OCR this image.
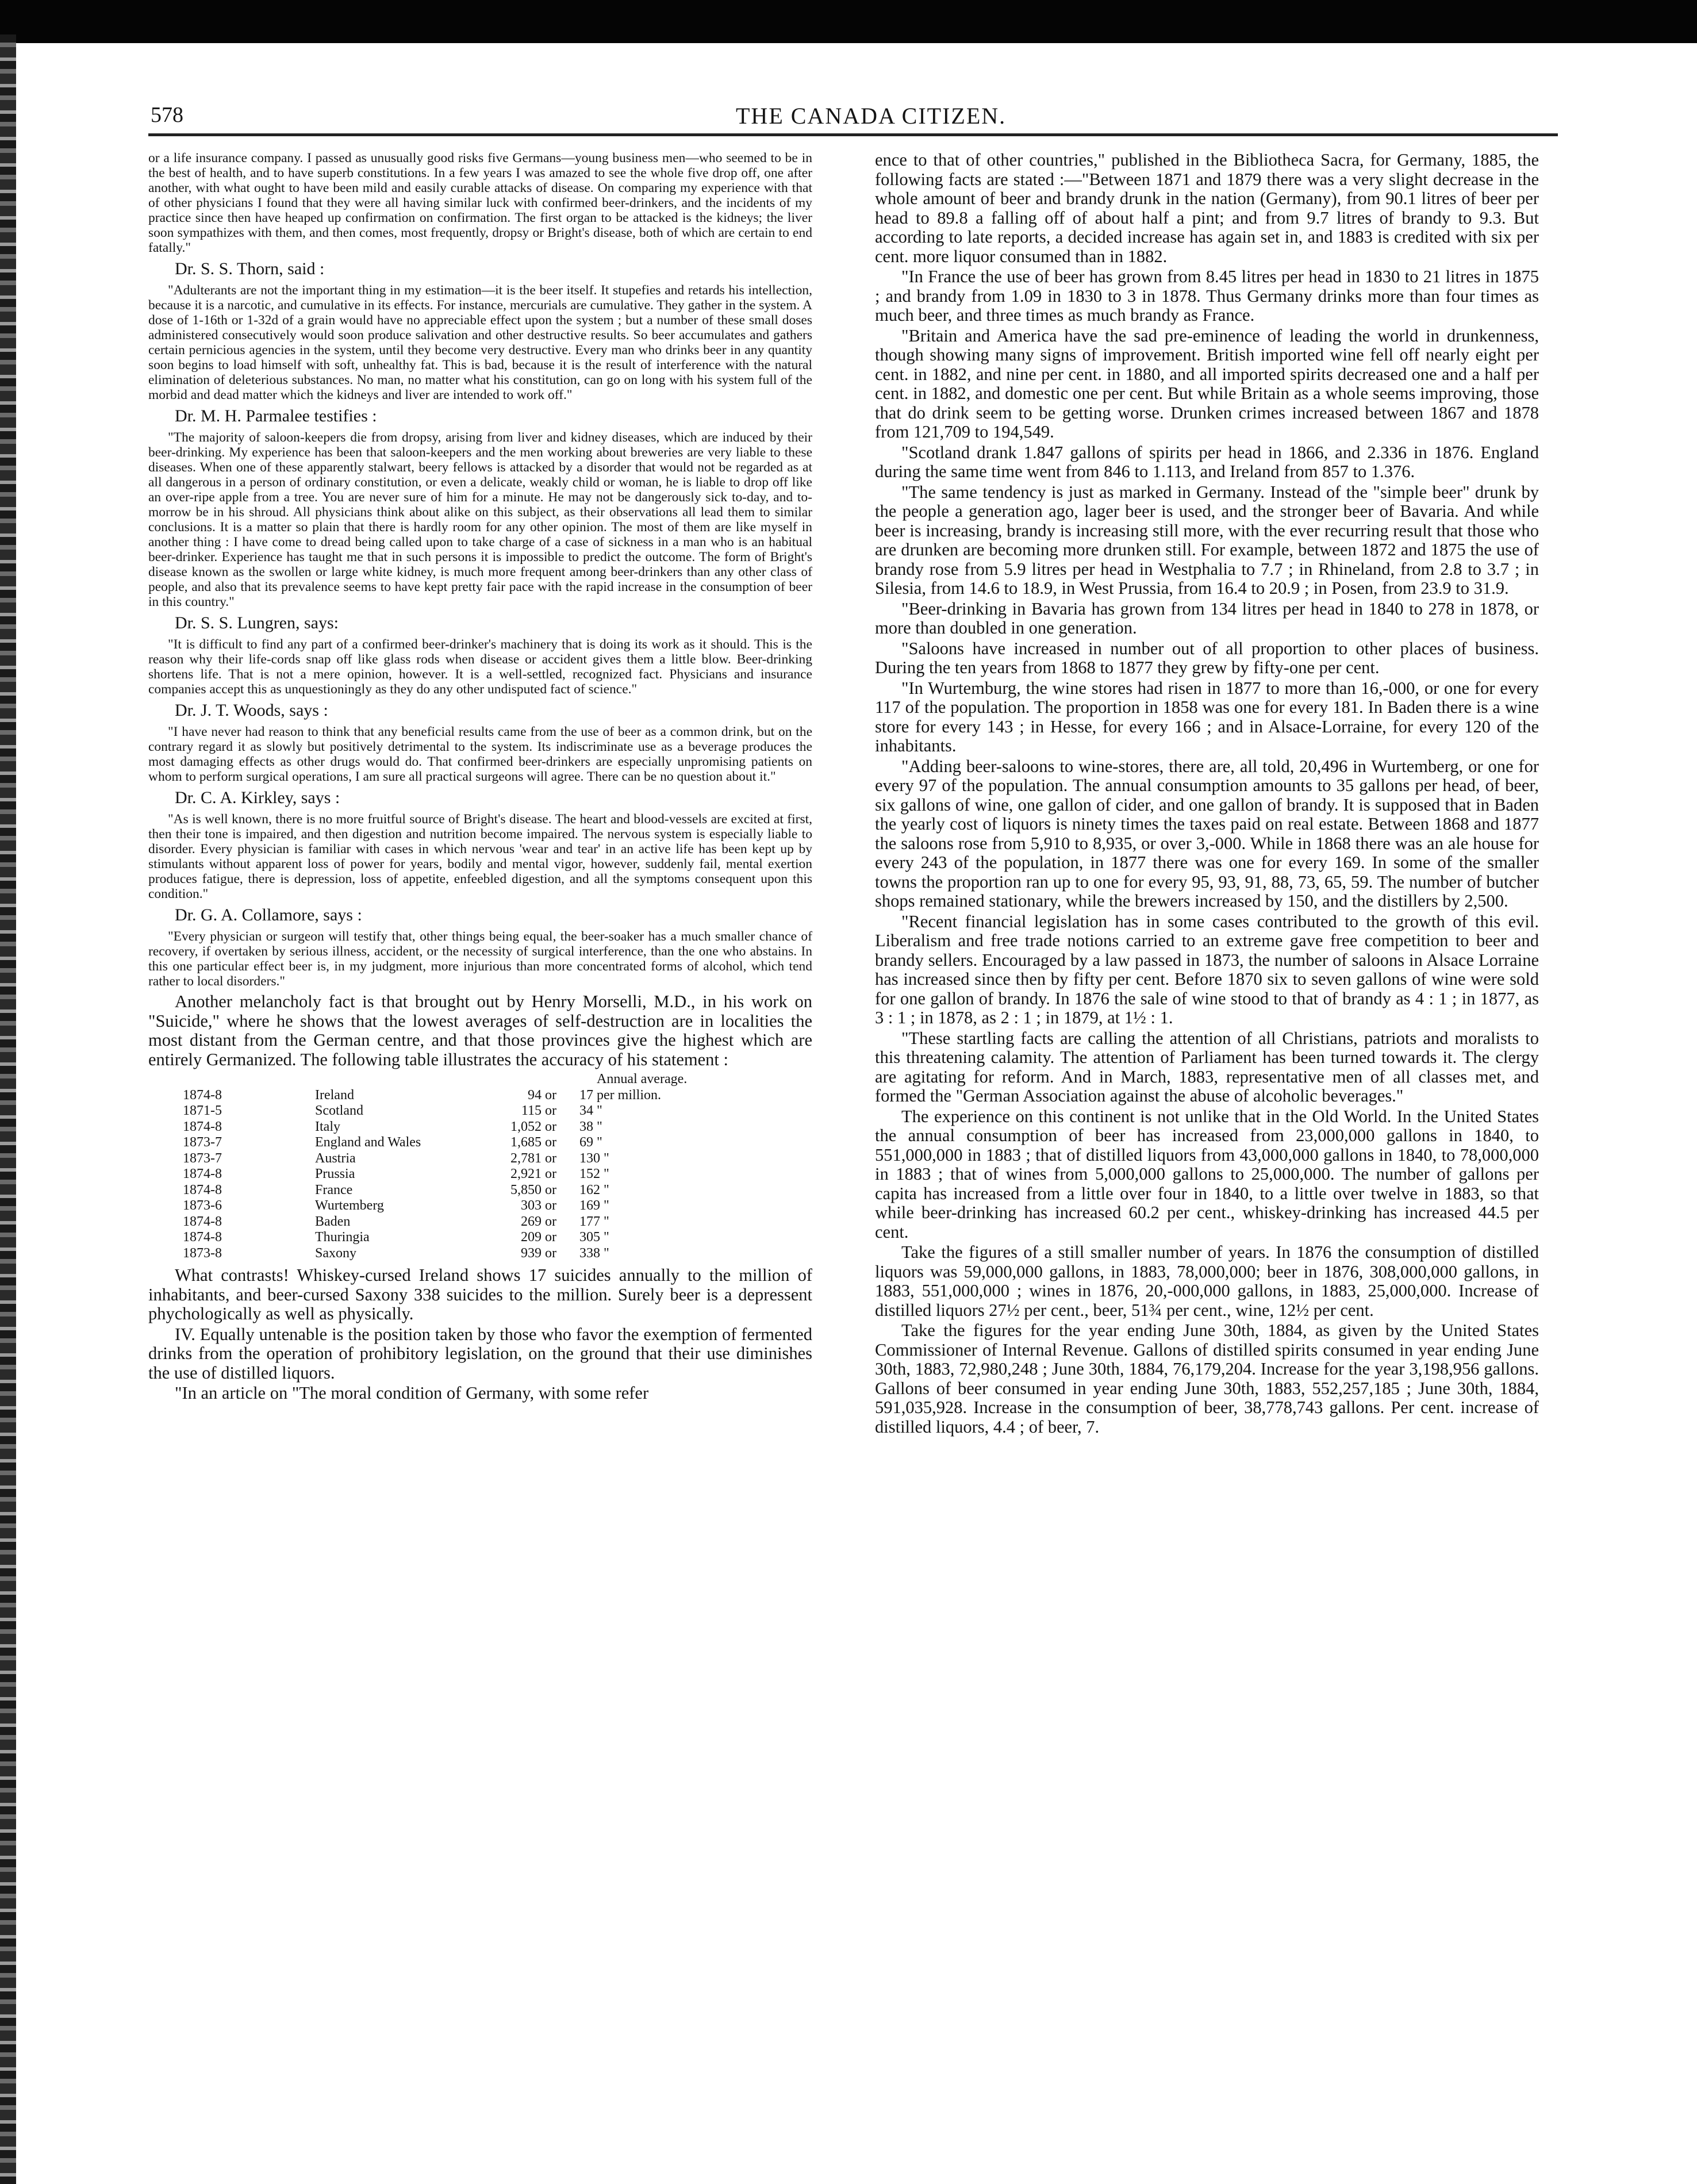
578	THE CANADA CITIZEN.

or a life insurance company. I passed as unusually good risks five Germans—young business men—who seemed to be in the best of health, and to have superb constitutions. In a few years I was amazed to see the whole five drop off, one after another, with what ought to have been mild and easily curable attacks of disease. On comparing my experience with that of other physicians I found that they were all having similar luck with confirmed beer-drinkers, and the incidents of my practice since then have heaped up confirmation on confirmation. The first organ to be attacked is the kidneys; the liver soon sympathizes with them, and then comes, most frequently, dropsy or Bright's disease, both of which are certain to end fatally."

Dr. S. S. Thorn, said :

"Adulterants are not the important thing in my estimation—it is the beer itself. It stupefies and retards his intellection, because it is a narcotic, and cumulative in its effects. For instance, mercurials are cumulative. They gather in the system. A dose of 1-16th or 1-32d of a grain would have no appreciable effect upon the system ; but a number of these small doses administered consecutively would soon produce salivation and other destructive results. So beer accumulates and gathers certain pernicious agencies in the system, until they become very destructive. Every man who drinks beer in any quantity soon begins to load himself with soft, unhealthy fat. This is bad, because it is the result of interference with the natural elimination of deleterious substances. No man, no matter what his constitution, can go on long with his system full of the morbid and dead matter which the kidneys and liver are intended to work off."

Dr. M. H. Parmalee testifies :

"The majority of saloon-keepers die from dropsy, arising from liver and kidney diseases, which are induced by their beer-drinking. My experience has been that saloon-keepers and the men working about breweries are very liable to these diseases. When one of these apparently stalwart, beery fellows is attacked by a disorder that would not be regarded as at all dangerous in a person of ordinary constitution, or even a delicate, weakly child or woman, he is liable to drop off like an over-ripe apple from a tree. You are never sure of him for a minute. He may not be dangerously sick to-day, and to-morrow be in his shroud. All physicians think about alike on this subject, as their observations all lead them to similar conclusions. It is a matter so plain that there is hardly room for any other opinion. The most of them are like myself in another thing : I have come to dread being called upon to take charge of a case of sickness in a man who is an habitual beer-drinker. Experience has taught me that in such persons it is impossible to predict the outcome. The form of Bright's disease known as the swollen or large white kidney, is much more frequent among beer-drinkers than any other class of people, and also that its prevalence seems to have kept pretty fair pace with the rapid increase in the consumption of beer in this country."

Dr. S. S. Lungren, says:

"It is difficult to find any part of a confirmed beer-drinker's machinery that is doing its work as it should. This is the reason why their life-cords snap off like glass rods when disease or accident gives them a little blow. Beer-drinking shortens life. That is not a mere opinion, however. It is a well-settled, recognized fact. Physicians and insurance companies accept this as unquestioningly as they do any other undisputed fact of science."

Dr. J. T. Woods, says :

"I have never had reason to think that any beneficial results came from the use of beer as a common drink, but on the contrary regard it as slowly but positively detrimental to the system. Its indiscriminate use as a beverage produces the most damaging effects as other drugs would do. That confirmed beer-drinkers are especially unpromising patients on whom to perform surgical operations, I am sure all practical surgeons will agree. There can be no question about it."

Dr. C. A. Kirkley, says :

"As is well known, there is no more fruitful source of Bright's disease. The heart and blood-vessels are excited at first, then their tone is impaired, and then digestion and nutrition become impaired. The nervous system is especially liable to disorder. Every physician is familiar with cases in which nervous 'wear and tear' in an active life has been kept up by stimulants without apparent loss of power for years, bodily and mental vigor, however, suddenly fail, mental exertion produces fatigue, there is depression, loss of appetite, enfeebled digestion, and all the symptoms consequent upon this condition."

Dr. G. A. Collamore, says :

"Every physician or surgeon will testify that, other things being equal, the beer-soaker has a much smaller chance of recovery, if overtaken by serious illness, accident, or the necessity of surgical interference, than the one who abstains. In this one particular effect beer is, in my judgment, more injurious than more concentrated forms of alcohol, which tend rather to local disorders."

Another melancholy fact is that brought out by Henry Morselli, M.D., in his work on "Suicide," where he shows that the lowest averages of self-destruction are in localities the most distant from the German centre, and that those provinces give the highest which are entirely Germanized. The following table illustrates the accuracy of his statement :

Annual average.
1874-8	Ireland	94 or	17 per million.
1871-5	Scotland	115 or	34 "
1874-8	Italy	1,052 or	38 "
1873-7	England and Wales	1,685 or	69 "
1873-7	Austria	2,781 or	130 "
1874-8	Prussia	2,921 or	152 "
1874-8	France	5,850 or	162 "
1873-6	Wurtemberg	303 or	169 "
1874-8	Baden	269 or	177 "
1874-8	Thuringia	209 or	305 "
1873-8	Saxony	939 or	338 "

What contrasts! Whiskey-cursed Ireland shows 17 suicides annually to the million of inhabitants, and beer-cursed Saxony 338 suicides to the million. Surely beer is a depressent phychologically as well as physically.

IV. Equally untenable is the position taken by those who favor the exemption of fermented drinks from the operation of prohibitory legislation, on the ground that their use diminishes the use of distilled liquors.

"In an article on "The moral condition of Germany, with some refer

ence to that of other countries," published in the Bibliotheca Sacra, for Germany, 1885, the following facts are stated :—"Between 1871 and 1879 there was a very slight decrease in the whole amount of beer and brandy drunk in the nation (Germany), from 90.1 litres of beer per head to 89.8 a falling off of about half a pint; and from 9.7 litres of brandy to 9.3. But according to late reports, a decided increase has again set in, and 1883 is credited with six per cent. more liquor consumed than in 1882.

"In France the use of beer has grown from 8.45 litres per head in 1830 to 21 litres in 1875 ; and brandy from 1.09 in 1830 to 3 in 1878. Thus Germany drinks more than four times as much beer, and three times as much brandy as France.

"Britain and America have the sad pre-eminence of leading the world in drunkenness, though showing many signs of improvement. British imported wine fell off nearly eight per cent. in 1882, and nine per cent. in 1880, and all imported spirits decreased one and a half per cent. in 1882, and domestic one per cent. But while Britain as a whole seems improving, those that do drink seem to be getting worse. Drunken crimes increased between 1867 and 1878 from 121,709 to 194,549.

"Scotland drank 1.847 gallons of spirits per head in 1866, and 2.336 in 1876. England during the same time went from 846 to 1.113, and Ireland from 857 to 1.376.

"The same tendency is just as marked in Germany. Instead of the "simple beer" drunk by the people a generation ago, lager beer is used, and the stronger beer of Bavaria. And while beer is increasing, brandy is increasing still more, with the ever recurring result that those who are drunken are becoming more drunken still. For example, between 1872 and 1875 the use of brandy rose from 5.9 litres per head in Westphalia to 7.7 ; in Rhineland, from 2.8 to 3.7 ; in Silesia, from 14.6 to 18.9, in West Prussia, from 16.4 to 20.9 ; in Posen, from 23.9 to 31.9.

"Beer-drinking in Bavaria has grown from 134 litres per head in 1840 to 278 in 1878, or more than doubled in one generation.

"Saloons have increased in number out of all proportion to other places of business. During the ten years from 1868 to 1877 they grew by fifty-one per cent.

"In Wurtemburg, the wine stores had risen in 1877 to more than 16,-000, or one for every 117 of the population. The proportion in 1858 was one for every 181. In Baden there is a wine store for every 143 ; in Hesse, for every 166 ; and in Alsace-Lorraine, for every 120 of the inhabitants.

"Adding beer-saloons to wine-stores, there are, all told, 20,496 in Wurtemberg, or one for every 97 of the population. The annual consumption amounts to 35 gallons per head, of beer, six gallons of wine, one gallon of cider, and one gallon of brandy. It is supposed that in Baden the yearly cost of liquors is ninety times the taxes paid on real estate. Between 1868 and 1877 the saloons rose from 5,910 to 8,935, or over 3,-000. While in 1868 there was an ale house for every 243 of the population, in 1877 there was one for every 169. In some of the smaller towns the proportion ran up to one for every 95, 93, 91, 88, 73, 65, 59. The number of butcher shops remained stationary, while the brewers increased by 150, and the distillers by 2,500.

"Recent financial legislation has in some cases contributed to the growth of this evil. Liberalism and free trade notions carried to an extreme gave free competition to beer and brandy sellers. Encouraged by a law passed in 1873, the number of saloons in Alsace Lorraine has increased since then by fifty per cent. Before 1870 six to seven gallons of wine were sold for one gallon of brandy. In 1876 the sale of wine stood to that of brandy as 4 : 1 ; in 1877, as 3 : 1 ; in 1878, as 2 : 1 ; in 1879, at 1½ : 1.

"These startling facts are calling the attention of all Christians, patriots and moralists to this threatening calamity. The attention of Parliament has been turned towards it. The clergy are agitating for reform. And in March, 1883, representative men of all classes met, and formed the "German Association against the abuse of alcoholic beverages."

The experience on this continent is not unlike that in the Old World. In the United States the annual consumption of beer has increased from 23,000,000 gallons in 1840, to 551,000,000 in 1883 ; that of distilled liquors from 43,000,000 gallons in 1840, to 78,000,000 in 1883 ; that of wines from 5,000,000 gallons to 25,000,000. The number of gallons per capita has increased from a little over four in 1840, to a little over twelve in 1883, so that while beer-drinking has increased 60.2 per cent., whiskey-drinking has increased 44.5 per cent.

Take the figures of a still smaller number of years. In 1876 the consumption of distilled liquors was 59,000,000 gallons, in 1883, 78,000,000; beer in 1876, 308,000,000 gallons, in 1883, 551,000,000 ; wines in 1876, 20,-000,000 gallons, in 1883, 25,000,000. Increase of distilled liquors 27½ per cent., beer, 51¾ per cent., wine, 12½ per cent.

Take the figures for the year ending June 30th, 1884, as given by the United States Commissioner of Internal Revenue. Gallons of distilled spirits consumed in year ending June 30th, 1883, 72,980,248 ; June 30th, 1884, 76,179,204. Increase for the year 3,198,956 gallons. Gallons of beer consumed in year ending June 30th, 1883, 552,257,185 ; June 30th, 1884, 591,035,928. Increase in the consumption of beer, 38,778,743 gallons. Per cent. increase of distilled liquors, 4.4 ; of beer, 7.
